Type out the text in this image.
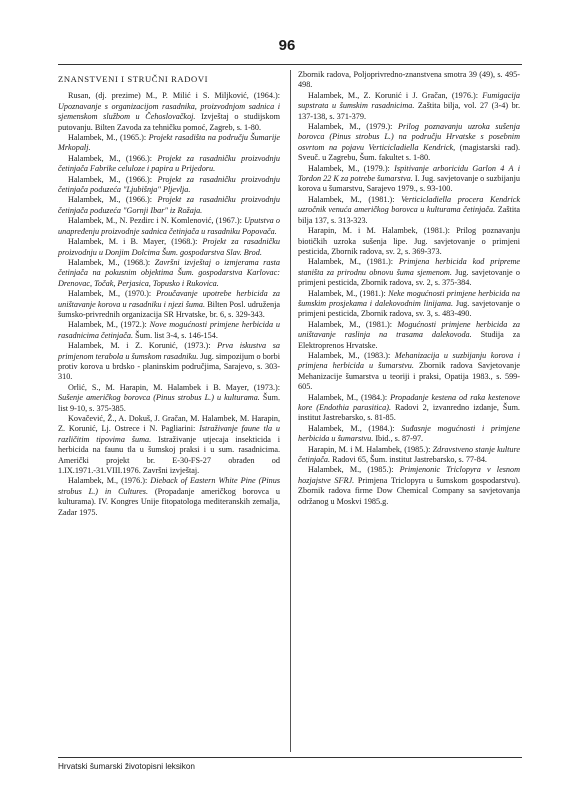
96
ZNANSTVENI I STRUČNI RADOVI
Rusan, (dj. prezime) M., P. Milić i S. Miljković, (1964.): Upoznavanje s organizacijom rasadnika, proizvodnjom sadnica i sjemenskom službom u Čehoslovačkoj. Izvještaj o studijskom putovanju. Bilten Zavoda za tehničku pomoć, Zagreb, s. 1-80.
Halambek, M., (1965.): Projekt rasadišta na području Šumarije Mrkopalj.
Halambek, M., (1966.): Projekt za rasadničku proizvodnju četinjača Fabrike celuloze i papira u Prijedoru.
Halambek, M., (1966.): Projekt za rasadničku proizvodnju četinjača poduzeća "Ljubišnja" Pljevlja.
Halambek, M., (1966.): Projekt za rasadničku proizvodnju četinjača poduzeća "Gornji Ibar" iz Rožaja.
Halambek, M., N. Pezdirc i N. Komlenović, (1967.): Uputstva o unapređenju proizvodnje sadnica četinjača u rasadniku Popovača.
Halambek, M. i B. Mayer, (1968.): Projekt za rasadničku proizvodnju u Donjim Dolcima Šum. gospodarstva Slav. Brod.
Halambek, M., (1968.): Završni izvještaj o izmjerama rasta četinjača na pokusnim objektima Šum. gospodarstva Karlovac: Drenovac, Točak, Perjasica, Topusko i Rukovica.
Halambek, M., (1970.): Proučavanje upotrebe herbicida za uništavanje korova u rasadniku i njezi šuma. Bilten Posl. udruženja šumsko-privrednih organizacija SR Hrvatske, br. 6, s. 329-343.
Halambek, M., (1972.): Nove mogućnosti primjene herbicida u rasadnicima četinjača. Šum. list 3-4, s. 146-154.
Halambek, M. i Z. Korunić, (1973.): Prva iskustva sa primjenom terabola u šumskom rasadniku. Jug. simpozijum o borbi protiv korova u brdsko - planinskim područjima, Sarajevo, s. 303-310.
Orlić, S., M. Harapin, M. Halambek i B. Mayer, (1973.): Sušenje američkog borovca (Pinus strobus L.) u kulturama. Šum. list 9-10, s. 375-385.
Kovačević, Ž., A. Dokuš, J. Gračan, M. Halambek, M. Harapin, Z. Korunić, Lj. Ostrece i N. Pagliarini: Istraživanje faune tla u različitim tipovima šuma. Istraživanje utjecaja insekticida i herbicida na faunu tla u šumskoj praksi i u sum. rasadnicima. Američki projekt br. E-30-FS-27 obrađen od 1.IX.1971.-31.VIII.1976. Završni izvještaj.
Halambek, M., (1976.): Dieback of Eastern White Pine (Pinus strobus L.) in Cultures. (Propadanje američkog borovca u kulturama). IV. Kongres Unije fitopatologa mediteranskih zemalja, Zadar 1975.
Zbornik radova, Poljoprivredno-znanstvena smotra 39 (49), s. 495-498.
Halambek, M., Z. Korunić i J. Gračan, (1976.): Fumigacija supstrata u šumskim rasadnicima. Zaštita bilja, vol. 27 (3-4) br. 137-138, s. 371-379.
Halambek, M., (1979.): Prilog poznavanju uzroka sušenja borovca (Pinus strobus L.) na području Hrvatske s posebnim osvrtom na pojavu Verticicladiella Kendrick, (magistarski rad). Sveuč. u Zagrebu, Šum. fakultet s. 1-80.
Halambek, M., (1979.): Ispitivanje arboricidu Garlon 4 A i Tordon 22 K za potrebe šumarstva. I. Jug. savjetovanje o suzbijanju korova u šumarstvu, Sarajevo 1979., s. 93-100.
Halambek, M., (1981.): Verticicladiella procera Kendrick uzročnik venuća američkog borovca u kulturama četinjača. Zaštita bilja 137, s. 313-323.
Harapin, M. i M. Halambek, (1981.): Prilog poznavanju biotičkih uzroka sušenja lipe. Jug. savjetovanje o primjeni pesticida, Zbornik radova, sv. 2, s. 369-373.
Halambek, M., (1981.): Primjena herbicida kod pripreme staništa za prirodnu obnovu šuma sjemenom. Jug. savjetovanje o primjeni pesticida, Zbornik radova, sv. 2, s. 375-384.
Halambek, M., (1981.): Neke mogućnosti primjene herbicida na šumskim prosjekama i dalekovodnim linijama. Jug. savjetovanje o primjeni pesticida, Zbornik radova, sv. 3, s. 483-490.
Halambek, M., (1981.): Mogućnosti primjene herbicida za uništavanje raslinja na trasama dalekovoda. Studija za Elektroprenos Hrvatske.
Halambek, M., (1983.): Mehanizacija u suzbijanju korova i primjena herbicida u šumarstvu. Zbornik radova Savjetovanje Mehanizacije šumarstva u teoriji i praksi, Opatija 1983., s. 599-605.
Halambek, M., (1984.): Propadanje kestena od raka kestenove kore (Endothia parasitica). Radovi 2, izvanredno izdanje, Šum. institut Jastrebarsko, s. 81-85.
Halambek, M., (1984.): Suđasnje mogućnosti i primjene herbicida u šumarstvu. Ibid., s. 87-97.
Harapin, M. i M. Halambek, (1985.): Zdravstveno stanje kulture četinjača. Radovi 65, Šum. institut Jastrebarsko, s. 77-84.
Halambek, M., (1985.): Primjenonic Triclopyra v lesnom hozjajstve SFRJ. Primjena Triclopyra u šumskom gospodarstvu). Zbornik radova firme Dow Chemical Company sa savjetovanja održanog u Moskvi 1985.g.
Hrvatski šumarski životopisni leksikon
